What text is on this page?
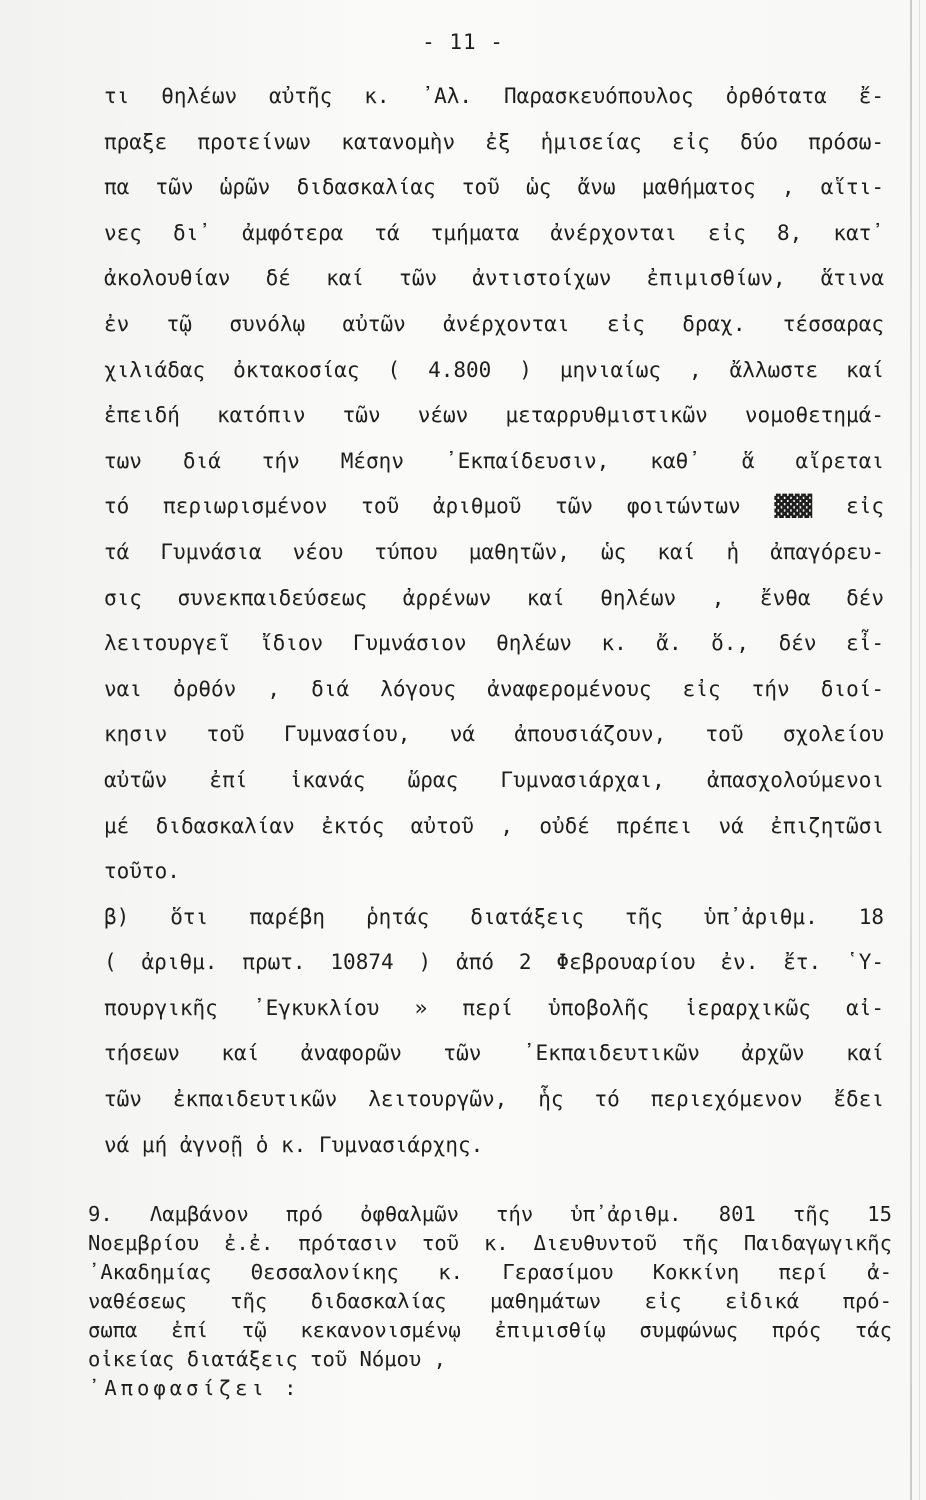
- 11 -
τι θηλέων αὐτῆς κ. ᾿Αλ. Παρασκευόπουλος ὀρθότατα ἔ-
πραξε προτείνων κατανομὴν ἐξ ἡμισείας εἰς δύο πρόσω-
πα τῶν ὡρῶν διδασκαλίας τοῦ ὡς ἄνω μαθήματος , αἵτι-
νες δι᾿ ἀμφότερα τά τμήματα ἀνέρχονται εἰς 8, κατ᾿
ἀκολουθίαν δέ καί τῶν ἀντιστοίχων ἐπιμισθίων, ἅτινα
ἐν τῷ συνόλῳ αὐτῶν ἀνέρχονται εἰς δραχ. τέσσαρας
χιλιάδας ὀκτακοσίας ( 4.800 ) μηνιαίως , ἄλλωστε καί
ἐπειδή κατόπιν τῶν νέων μεταρρυθμιστικῶν νομοθετημά-
των διά τήν Μέσην ᾿Εκπαίδευσιν, καθ᾿ ἅ αἴρεται
τό περιωρισμένον τοῦ ἀριθμοῦ τῶν φοιτώντων ▓▓▓ εἰς
τά Γυμνάσια νέου τύπου μαθητῶν, ὡς καί ἡ ἀπαγόρευ-
σις συνεκπαιδεύσεως ἀρρένων καί θηλέων , ἔνθα δέν
λειτουργεῖ ἴδιον Γυμνάσιον θηλέων κ. ἄ. ὅ., δέν εἶ-
ναι ὀρθόν , διά λόγους ἀναφερομένους εἰς τήν διοί-
κησιν τοῦ Γυμνασίου, νά ἀπουσιάζουν, τοῦ σχολείου
αὐτῶν ἐπί ἱκανάς ὥρας Γυμνασιάρχαι, ἀπασχολούμενοι
μέ διδασκαλίαν ἐκτός αὐτοῦ , οὐδέ πρέπει νά ἐπιζητῶσι
τοῦτο.
β) ὅτι παρέβη ῥητάς διατάξεις τῆς ὑπ᾿ἀριθμ. 18
( ἀριθμ. πρωτ. 10874 ) ἀπό 2 Φεβρουαρίου ἐν. ἔτ. ῾Υ-
πουργικῆς ᾿Εγκυκλίου » περί ὑποβολῆς ἱεραρχικῶς αἰ-
τήσεων καί ἀναφορῶν τῶν ᾿Εκπαιδευτικῶν ἀρχῶν καί
τῶν ἐκπαιδευτικῶν λειτουργῶν, ἧς τό περιεχόμενον ἔδει
νά μή ἀγνοῇ ὁ κ. Γυμνασιάρχης.
9. Λαμβάνον πρό ὀφθαλμῶν τήν ὑπ᾿ἀριθμ. 801 τῆς 15
Νοεμβρίου ἐ.ἐ. πρότασιν τοῦ κ. Διευθυντοῦ τῆς Παιδαγωγικῆς
᾿Ακαδημίας Θεσσαλονίκης κ. Γερασίμου Κοκκίνη περί ἀ-
ναθέσεως τῆς διδασκαλίας μαθημάτων εἰς εἰδικά πρό-
σωπα ἐπί τῷ κεκανονισμένῳ ἐπιμισθίῳ συμφώνως πρός τάς
οἰκείας διατάξεις τοῦ Νόμου ,
᾿Αποφασίζει :
